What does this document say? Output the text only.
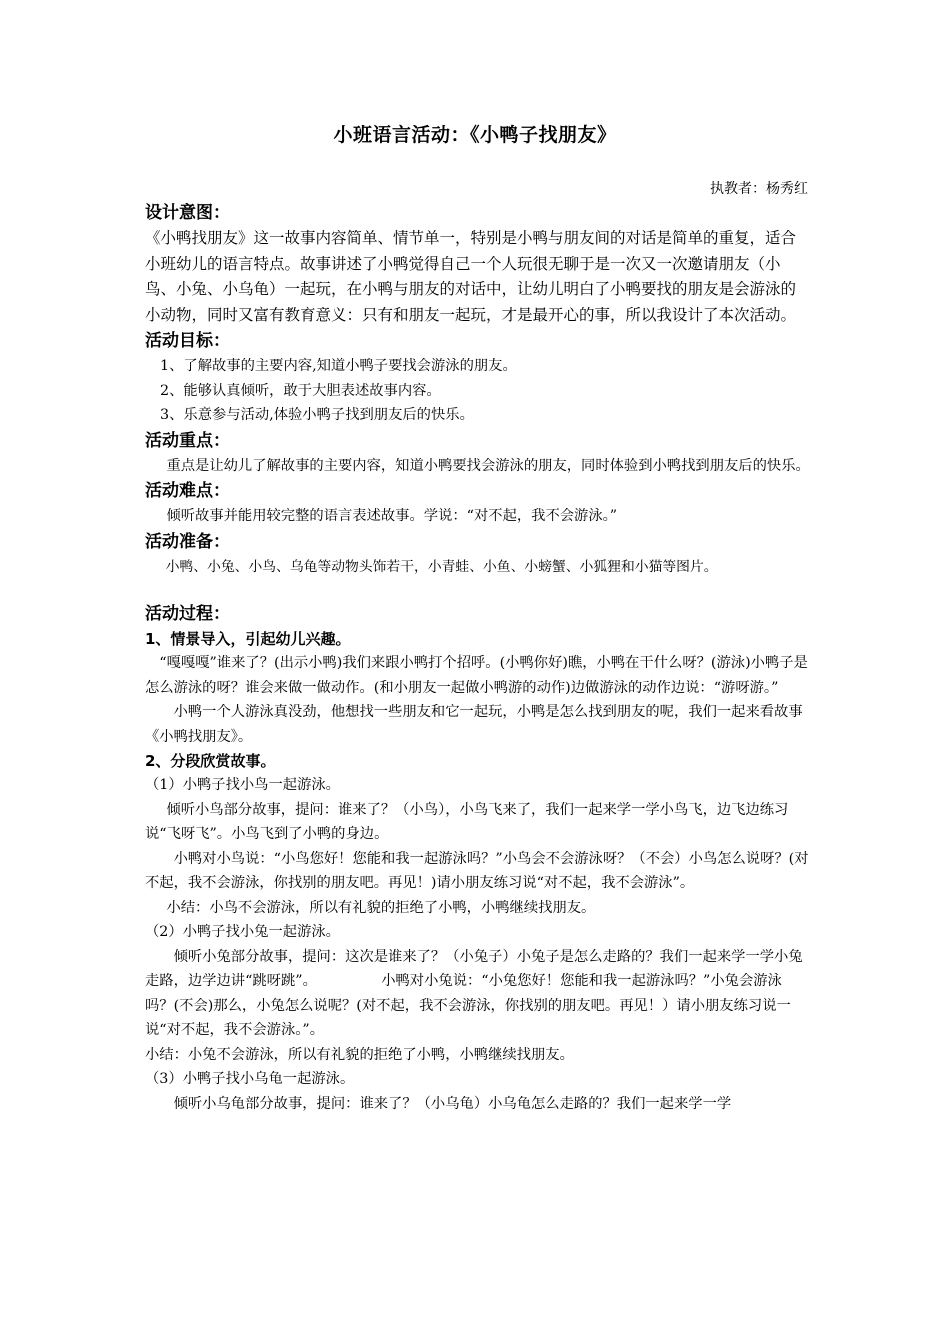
小班语言活动：《小鸭子找朋友》
执教者：杨秀红
设计意图：

《小鸭找朋友》这一故事内容简单、情节单一，特别是小鸭与朋友间的对话是简单的重复，适合小班幼儿的语言特点。故事讲述了小鸭觉得自己一个人玩很无聊于是一次又一次邀请朋友（小鸟、小兔、小乌龟）一起玩，在小鸭与朋友的对话中，让幼儿明白了小鸭要找的朋友是会游泳的小动物，同时又富有教育意义：只有和朋友一起玩，才是最开心的事，所以我设计了本次活动。

活动目标：

1、了解故事的主要内容,知道小鸭子要找会游泳的朋友。

2、能够认真倾听，敢于大胆表述故事内容。

3、乐意参与活动,体验小鸭子找到朋友后的快乐。

活动重点：

重点是让幼儿了解故事的主要内容，知道小鸭要找会游泳的朋友，同时体验到小鸭找到朋友后的快乐。

活动难点：

倾听故事并能用较完整的语言表述故事。学说：“对不起，我不会游泳。”

活动准备：

小鸭、小兔、小鸟、乌龟等动物头饰若干，小青蛙、小鱼、小螃蟹、小狐狸和小猫等图片。

活动过程：
1、情景导入，引起幼儿兴趣。

“嘎嘎嘎”谁来了？(出示小鸭)我们来跟小鸭打个招呼。(小鸭你好)瞧，小鸭在干什么呀？(游泳)小鸭子是怎么游泳的呀？谁会来做一做动作。(和小朋友一起做小鸭游的动作)边做游泳的动作边说：“游呀游。”

小鸭一个人游泳真没劲，他想找一些朋友和它一起玩，小鸭是怎么找到朋友的呢，我们一起来看故事《小鸭找朋友》。

2、分段欣赏故事。

（1）小鸭子找小鸟一起游泳。

倾听小鸟部分故事，提问：谁来了？（小鸟），小鸟飞来了，我们一起来学一学小鸟飞，边飞边练习说“飞呀飞”。小鸟飞到了小鸭的身边。

小鸭对小鸟说：“小鸟您好！您能和我一起游泳吗？”小鸟会不会游泳呀？（不会）小鸟怎么说呀？(对不起，我不会游泳，你找别的朋友吧。再见！)请小朋友练习说“对不起，我不会游泳”。

小结：小鸟不会游泳，所以有礼貌的拒绝了小鸭，小鸭继续找朋友。

（2）小鸭子找小兔一起游泳。

倾听小兔部分故事，提问：这次是谁来了？（小兔子）小兔子是怎么走路的？我们一起来学一学小兔走路，边学边讲“跳呀跳”。　　　　　小鸭对小兔说：“小兔您好！您能和我一起游泳吗？”小兔会游泳吗？(不会)那么，小兔怎么说呢？(对不起，我不会游泳，你找别的朋友吧。再见！）请小朋友练习说一说“对不起，我不会游泳。”。

小结：小兔不会游泳，所以有礼貌的拒绝了小鸭，小鸭继续找朋友。

（3）小鸭子找小乌龟一起游泳。

倾听小乌龟部分故事，提问：谁来了？（小乌龟）小乌龟怎么走路的？我们一起来学一学
